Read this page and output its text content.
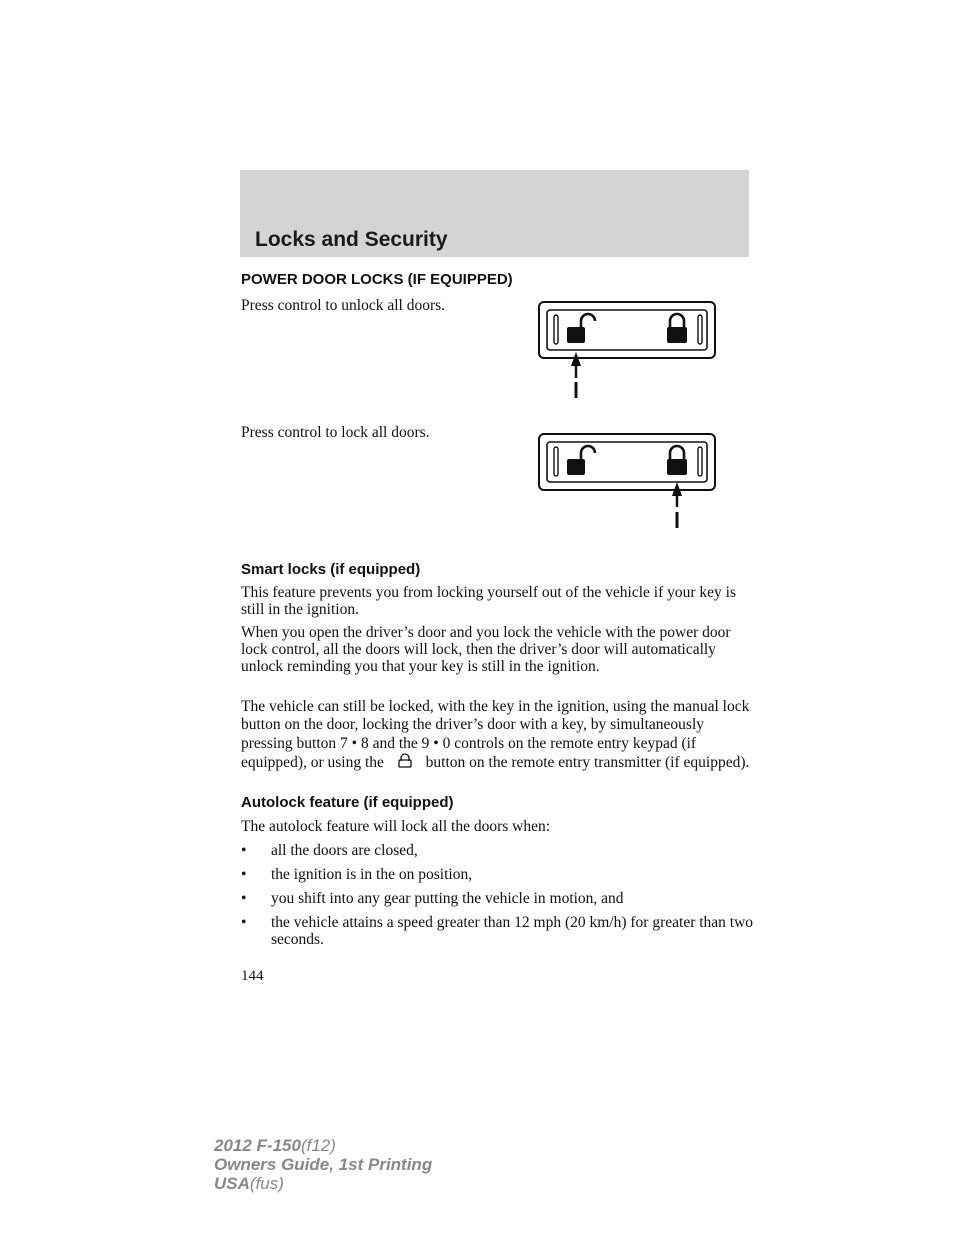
Locks and Security
POWER DOOR LOCKS (IF EQUIPPED)

Press control to unlock all doors.

Press control to lock all doors.

Smart locks (if equipped)

This feature prevents you from locking yourself out of the vehicle if your key is still in the ignition.

When you open the driver’s door and you lock the vehicle with the power door lock control, all the doors will lock, then the driver’s door will automatically unlock reminding you that your key is still in the ignition.

The vehicle can still be locked, with the key in the ignition, using the manual lock button on the door, locking the driver’s door with a key, by simultaneously pressing button 7 • 8 and the 9 • 0 controls on the remote entry keypad (if equipped), or using the	button on the remote entry transmitter (if equipped).

Autolock feature (if equipped)

The autolock feature will lock all the doors when:

• all the doors are closed,

• the ignition is in the on position,

• you shift into any gear putting the vehicle in motion, and

• the vehicle attains a speed greater than 12 mph (20 km/h) for greater than two seconds.

144

2012 F-150(f12)
Owners Guide, 1st Printing
USA(fus)
